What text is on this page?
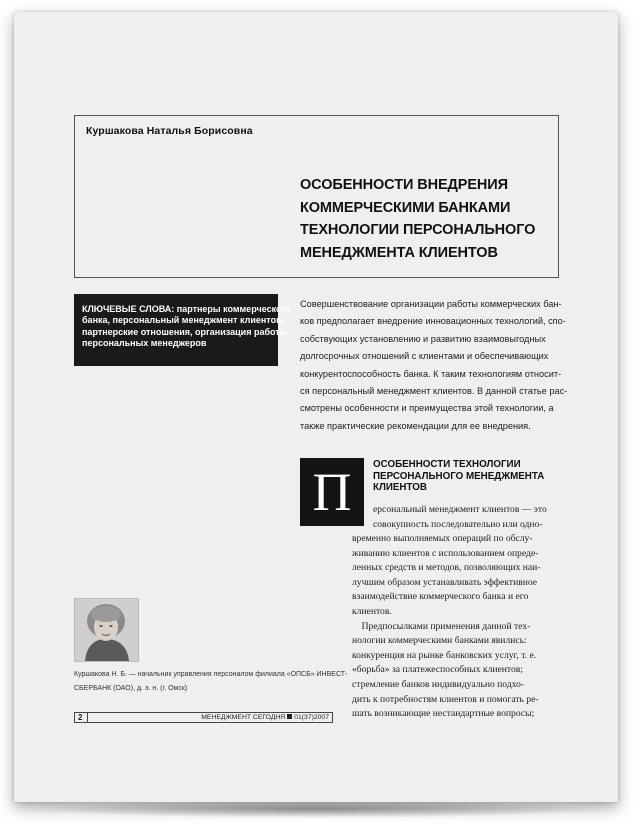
Куршакова Наталья Борисовна
ОСОБЕННОСТИ ВНЕДРЕНИЯ
КОММЕРЧЕСКИМИ БАНКАМИ
ТЕХНОЛОГИИ ПЕРСОНАЛЬНОГО
МЕНЕДЖМЕНТА КЛИЕНТОВ
КЛЮЧЕВЫЕ СЛОВА: партнеры коммерческого
банка, персональный менеджмент клиентов,
партнерские отношения, организация работы
персональных менеджеров
Совершенствование организации работы коммерческих бан-
ков предполагает внедрение инновационных технологий, спо-
собствующих установлению и развитию взаимовыгодных
долгосрочных отношений с клиентами и обеспечивающих
конкурентоспособность банка. К таким технологиям относит-
ся персональный менеджмент клиентов. В данной статье рас-
смотрены особенности и преимущества этой технологии, а
также практические рекомендации для ее внедрения.
П	ОСОБЕННОСТИ ТЕХНОЛОГИИ
ПЕРСОНАЛЬНОГО МЕНЕДЖМЕНТА
КЛИЕНТОВ
ерсональный менеджмент клиентов — это
совокупность последовательно или одно-
временно выполняемых операций по обслу-
живанию клиентов с использованием опреде-
ленных средств и методов, позволяющих наи-
лучшим образом устанавливать эффективное
взаимодействие коммерческого банка и его
клиентов.
Предпосылками применения данной тех-
нологии коммерческими банками явились:
конкуренция на рынке банковских услуг, т. е.
«борьба» за платежеспособных клиентов;
стремление банков индивидуально подхо-
дить к потребностям клиентов и помогать ре-
шать возникающие нестандартные вопросы;
Куршакова Н. Б. — начальник управления персоналом филиала «ОПСБ» ИНВЕСТ-
СБЕРБАНК (ОАО), д. э. н. (г. Омск)
2	МЕНЕДЖМЕНТ СЕГОДНЯ 01(37)2007
